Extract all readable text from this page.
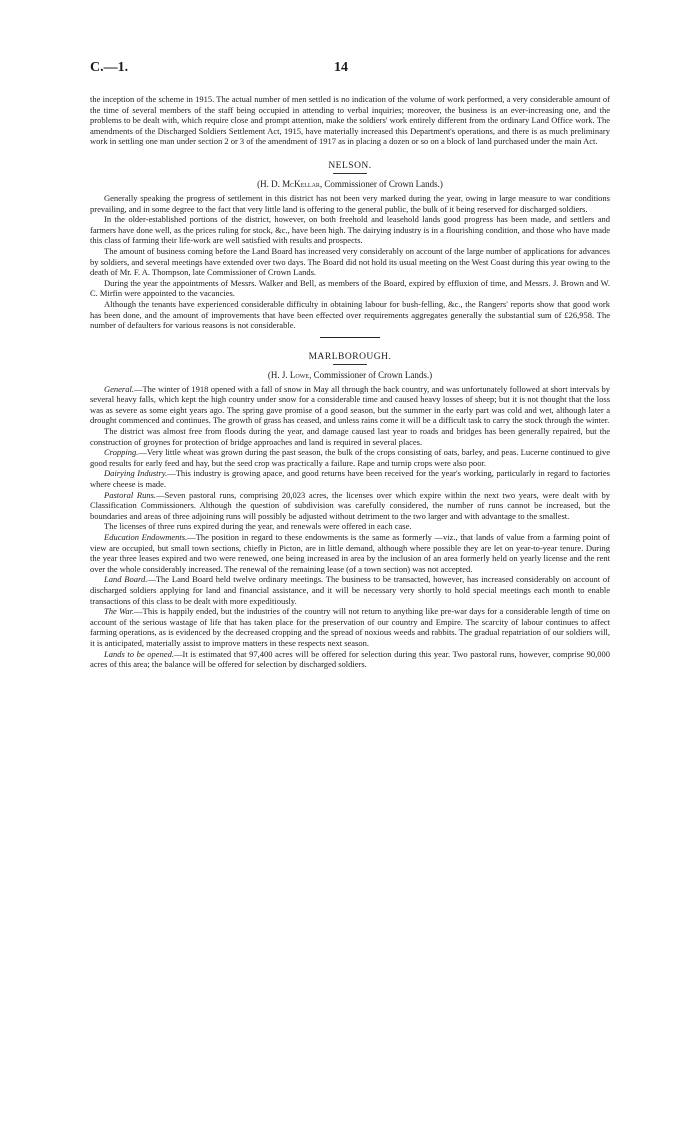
C.—1.	14

the inception of the scheme in 1915. The actual number of men settled is no indication of the volume of work performed, a very considerable amount of the time of several members of the staff being occupied in attending to verbal inquiries; moreover, the business is an ever-increasing one, and the problems to be dealt with, which require close and prompt attention, make the soldiers' work entirely different from the ordinary Land Office work. The amendments of the Discharged Soldiers Settlement Act, 1915, have materially increased this Department's operations, and there is as much preliminary work in settling one man under section 2 or 3 of the amendment of 1917 as in placing a dozen or so on a block of land purchased under the main Act.

NELSON.
(H. D. McKellar, Commissioner of Crown Lands.)

Generally speaking the progress of settlement in this district has not been very marked during the year, owing in large measure to war conditions prevailing, and in some degree to the fact that very little land is offering to the general public, the bulk of it being reserved for discharged soldiers.

In the older-established portions of the district, however, on both freehold and leasehold lands good progress has been made, and settlers and farmers have done well, as the prices ruling for stock, &c., have been high. The dairying industry is in a flourishing condition, and those who have made this class of farming their life-work are well satisfied with results and prospects.

The amount of business coming before the Land Board has increased very considerably on account of the large number of applications for advances by soldiers, and several meetings have extended over two days. The Board did not hold its usual meeting on the West Coast during this year owing to the death of Mr. F. A. Thompson, late Commissioner of Crown Lands.

During the year the appointments of Messrs. Walker and Bell, as members of the Board, expired by effluxion of time, and Messrs. J. Brown and W. C. Mirfin were appointed to the vacancies.

Although the tenants have experienced considerable difficulty in obtaining labour for bush-felling, &c., the Rangers' reports show that good work has been done, and the amount of improvements that have been effected over requirements aggregates generally the substantial sum of £26,958. The number of defaulters for various reasons is not considerable.

MARLBOROUGH.
(H. J. Lowe, Commissioner of Crown Lands.)

General.—The winter of 1918 opened with a fall of snow in May all through the back country, and was unfortunately followed at short intervals by several heavy falls, which kept the high country under snow for a considerable time and caused heavy losses of sheep; but it is not thought that the loss was as severe as some eight years ago. The spring gave promise of a good season, but the summer in the early part was cold and wet, although later a drought commenced and continues. The growth of grass has ceased, and unless rains come it will be a difficult task to carry the stock through the winter.

The district was almost free from floods during the year, and damage caused last year to roads and bridges has been generally repaired, but the construction of groynes for protection of bridge approaches and land is required in several places.

Cropping.—Very little wheat was grown during the past season, the bulk of the crops consisting of oats, barley, and peas. Lucerne continued to give good results for early feed and hay, but the seed crop was practically a failure. Rape and turnip crops were also poor.

Dairying Industry.—This industry is growing apace, and good returns have been received for the year's working, particularly in regard to factories where cheese is made.

Pastoral Runs.—Seven pastoral runs, comprising 20,023 acres, the licenses over which expire within the next two years, were dealt with by Classification Commissioners. Although the question of subdivision was carefully considered, the number of runs cannot be increased, but the boundaries and areas of three adjoining runs will possibly be adjusted without detriment to the two larger and with advantage to the smallest.

The licenses of three runs expired during the year, and renewals were offered in each case.

Education Endowments.—The position in regard to these endowments is the same as formerly —viz., that lands of value from a farming point of view are occupied, but small town sections, chiefly in Picton, are in little demand, although where possible they are let on year-to-year tenure. During the year three leases expired and two were renewed, one being increased in area by the inclusion of an area formerly held on yearly license and the rent over the whole considerably increased. The renewal of the remaining lease (of a town section) was not accepted.

Land Board.—The Land Board held twelve ordinary meetings. The business to be transacted, however, has increased considerably on account of discharged soldiers applying for land and financial assistance, and it will be necessary very shortly to hold special meetings each month to enable transactions of this class to be dealt with more expeditiously.

The War.—This is happily ended, but the industries of the country will not return to anything like pre-war days for a considerable length of time on account of the serious wastage of life that has taken place for the preservation of our country and Empire. The scarcity of labour continues to affect farming operations, as is evidenced by the decreased cropping and the spread of noxious weeds and rabbits. The gradual repatriation of our soldiers will, it is anticipated, materially assist to improve matters in these respects next season.

Lands to be opened.—It is estimated that 97,400 acres will be offered for selection during this year. Two pastoral runs, however, comprise 90,000 acres of this area; the balance will be offered for selection by discharged soldiers.
